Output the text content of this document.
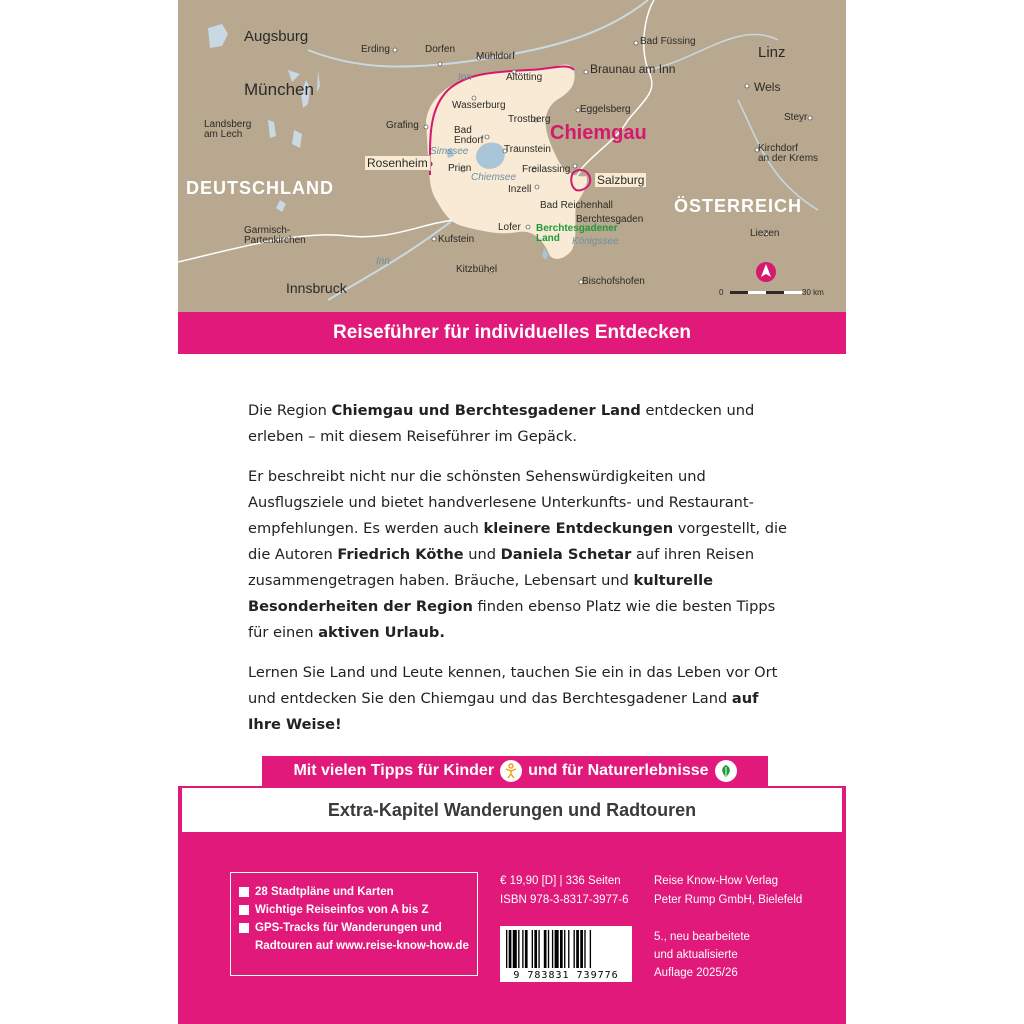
Augsburg
Erding	Dorfen
Mühldorf
Bad Füssing
Linz
München
Altötting
Braunau am Inn
Wels
Wasserburg	Eggelsberg
Landsberg
am Lech
Grafing
Trostberg	Steyr
Bad
Endorf
Traunstein
Chiemgau
Kirchdorf
an der Krems
Rosenheim
Simssee
Prien
Chiemsee
Freilassing
Salzburg
DEUTSCHLAND	Inzell
Bad Reichenhall	ÖSTERREICH
Berchtesgaden
Garmisch-
Partenkirchen
Lofer Berchtesgadener
Land	Königssee
Liezen
Kufstein
Inn
Inn
Kitzbühel
Innsbruck	Bischofshofen
0	30 km
Reiseführer für individuelles Entdecken

Die Region Chiemgau und Berchtesgadener Land entdecken und erleben – mit diesem Reiseführer im Gepäck.

Er beschreibt nicht nur die schönsten Sehenswürdigkeiten und Ausflugsziele und bietet handverlesene Unterkunfts- und Restaurantempfehlungen. Es werden auch kleinere Entdeckungen vorgestellt, die die Autoren Friedrich Köthe und Daniela Schetar auf ihren Reisen zusammengetragen haben. Bräuche, Lebensart und kulturelle Besonderheiten der Region finden ebenso Platz wie die besten Tipps für einen aktiven Urlaub.

Lernen Sie Land und Leute kennen, tauchen Sie ein in das Leben vor Ort und entdecken Sie den Chiemgau und das Berchtesgadener Land auf Ihre Weise!

Mit vielen Tipps für Kinder und für Naturerlebnisse
Extra-Kapitel Wanderungen und Radtouren
28 Stadtpläne und Karten
Wichtige Reiseinfos von A bis Z
GPS-Tracks für Wanderungen und Radtouren auf www.reise-know-how.de
€ 19,90 [D] | 336 Seiten
ISBN 978-3-8317-3977-6
Reise Know-How Verlag
Peter Rump GmbH, Bielefeld
5., neu bearbeitete
und aktualisierte
Auflage 2025/26
9 783831 739776
